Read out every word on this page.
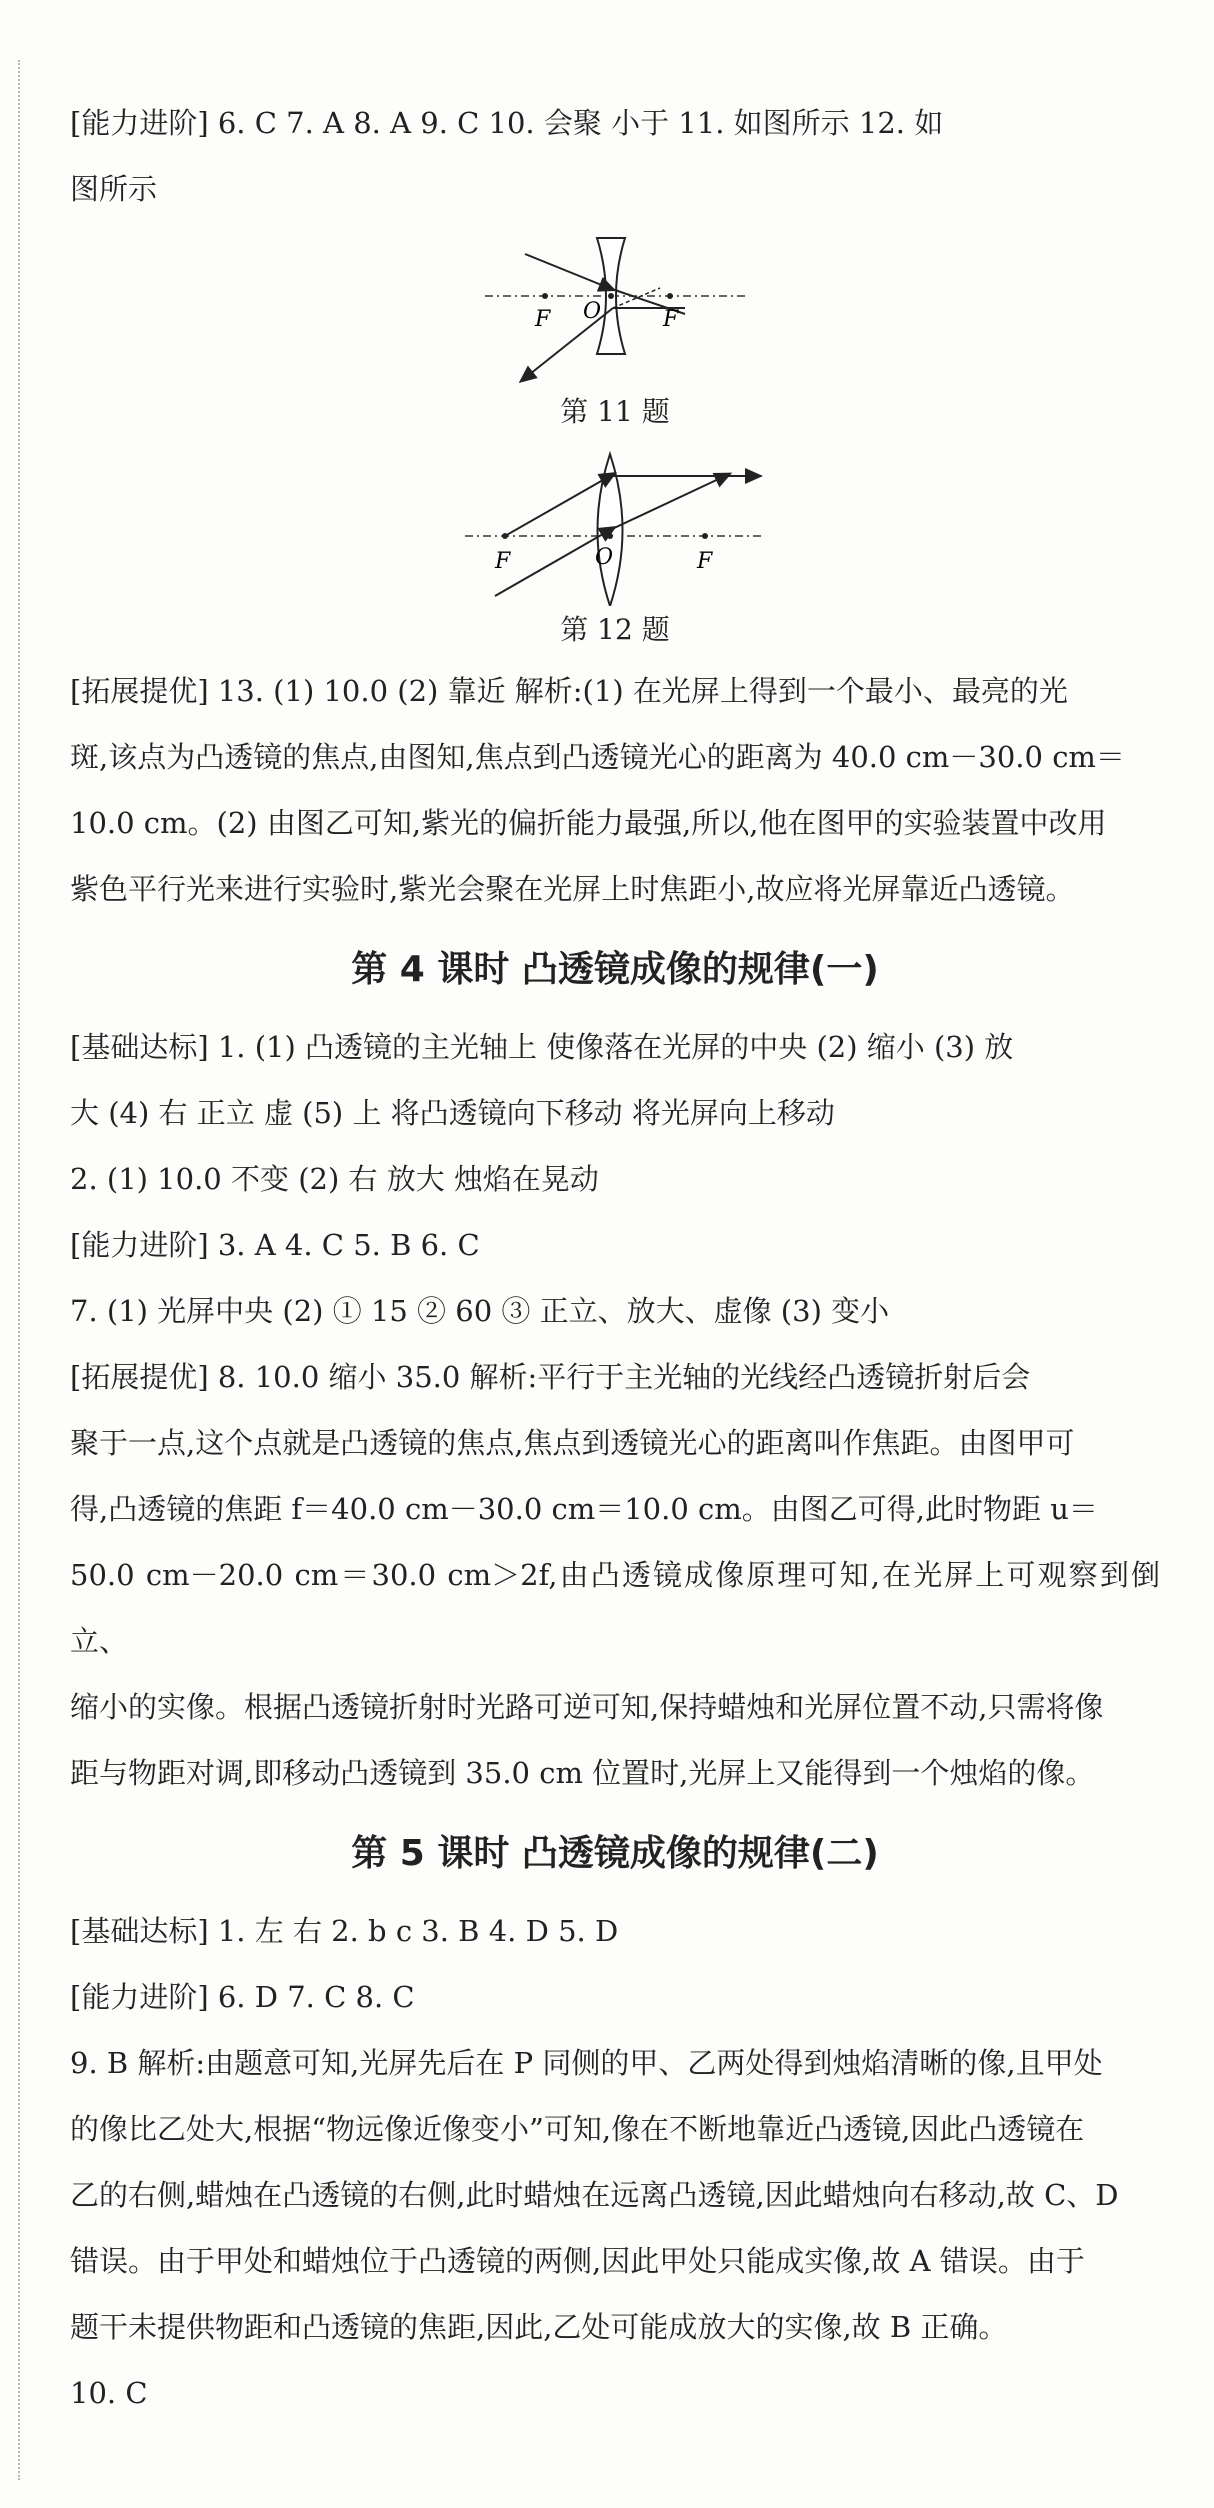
[能力进阶] 6. C 7. A 8. A 9. C 10. 会聚 小于 11. 如图所示 12. 如

图所示

F O	F

第 11 题

F	O	F

第 12 题

[拓展提优] 13. (1) 10.0 (2) 靠近 解析:(1) 在光屏上得到一个最小、最亮的光

斑,该点为凸透镜的焦点,由图知,焦点到凸透镜光心的距离为 40.0 cm－30.0 cm＝

10.0 cm。(2) 由图乙可知,紫光的偏折能力最强,所以,他在图甲的实验装置中改用

紫色平行光来进行实验时,紫光会聚在光屏上时焦距小,故应将光屏靠近凸透镜。

第 4 课时 凸透镜成像的规律(一)

[基础达标] 1. (1) 凸透镜的主光轴上 使像落在光屏的中央 (2) 缩小 (3) 放

大 (4) 右 正立 虚 (5) 上 将凸透镜向下移动 将光屏向上移动

2. (1) 10.0 不变 (2) 右 放大 烛焰在晃动

[能力进阶] 3. A 4. C 5. B 6. C

7. (1) 光屏中央 (2) ① 15 ② 60 ③ 正立、放大、虚像 (3) 变小

[拓展提优] 8. 10.0 缩小 35.0 解析:平行于主光轴的光线经凸透镜折射后会

聚于一点,这个点就是凸透镜的焦点,焦点到透镜光心的距离叫作焦距。由图甲可

得,凸透镜的焦距 f＝40.0 cm－30.0 cm＝10.0 cm。由图乙可得,此时物距 u＝

50.0 cm－20.0 cm＝30.0 cm＞2f,由凸透镜成像原理可知,在光屏上可观察到倒立、

缩小的实像。根据凸透镜折射时光路可逆可知,保持蜡烛和光屏位置不动,只需将像

距与物距对调,即移动凸透镜到 35.0 cm 位置时,光屏上又能得到一个烛焰的像。

第 5 课时 凸透镜成像的规律(二)

[基础达标] 1. 左 右 2. b c 3. B 4. D 5. D

[能力进阶] 6. D 7. C 8. C

9. B 解析:由题意可知,光屏先后在 P 同侧的甲、乙两处得到烛焰清晰的像,且甲处

的像比乙处大,根据“物远像近像变小”可知,像在不断地靠近凸透镜,因此凸透镜在

乙的右侧,蜡烛在凸透镜的右侧,此时蜡烛在远离凸透镜,因此蜡烛向右移动,故 C、D

错误。由于甲处和蜡烛位于凸透镜的两侧,因此甲处只能成实像,故 A 错误。由于

题干未提供物距和凸透镜的焦距,因此,乙处可能成放大的实像,故 B 正确。

10. C
